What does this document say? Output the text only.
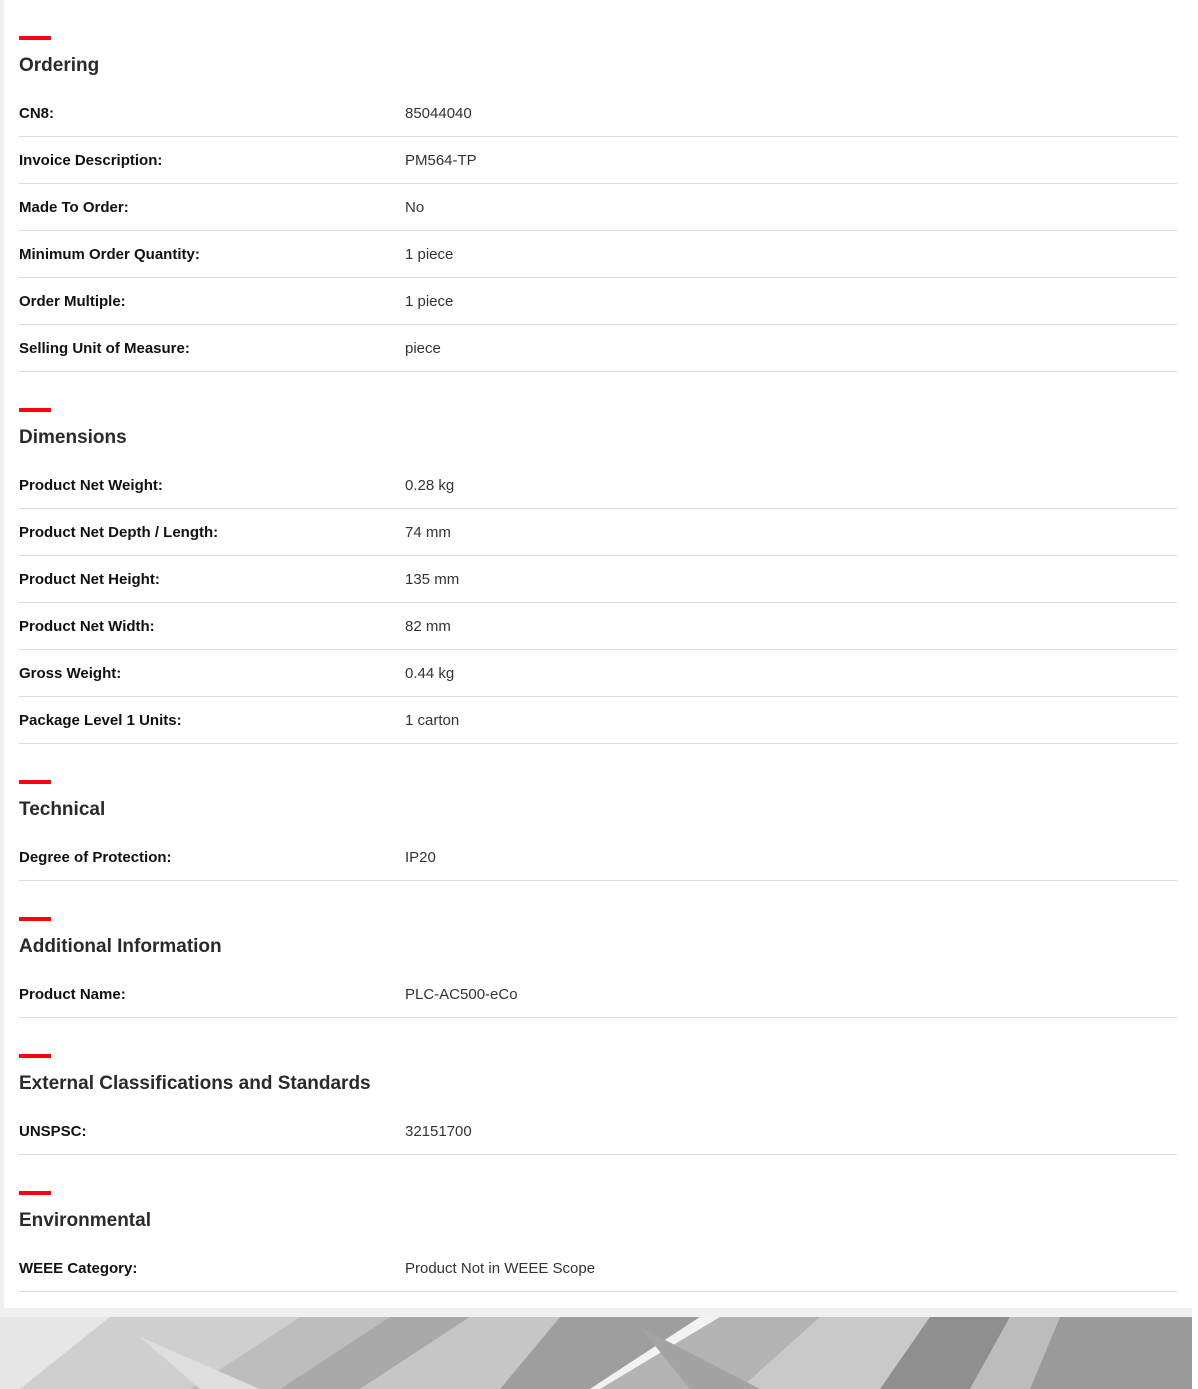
Ordering
CN8:	85044040
Invoice Description:	PM564-TP
Made To Order:	No
Minimum Order Quantity:	1 piece
Order Multiple:	1 piece
Selling Unit of Measure:	piece
Dimensions
Product Net Weight:	0.28 kg
Product Net Depth / Length:	74 mm
Product Net Height:	135 mm
Product Net Width:	82 mm
Gross Weight:	0.44 kg
Package Level 1 Units:	1 carton
Technical
Degree of Protection:	IP20
Additional Information
Product Name:	PLC-AC500-eCo
External Classifications and Standards
UNSPSC:	32151700
Environmental
WEEE Category:	Product Not in WEEE Scope
